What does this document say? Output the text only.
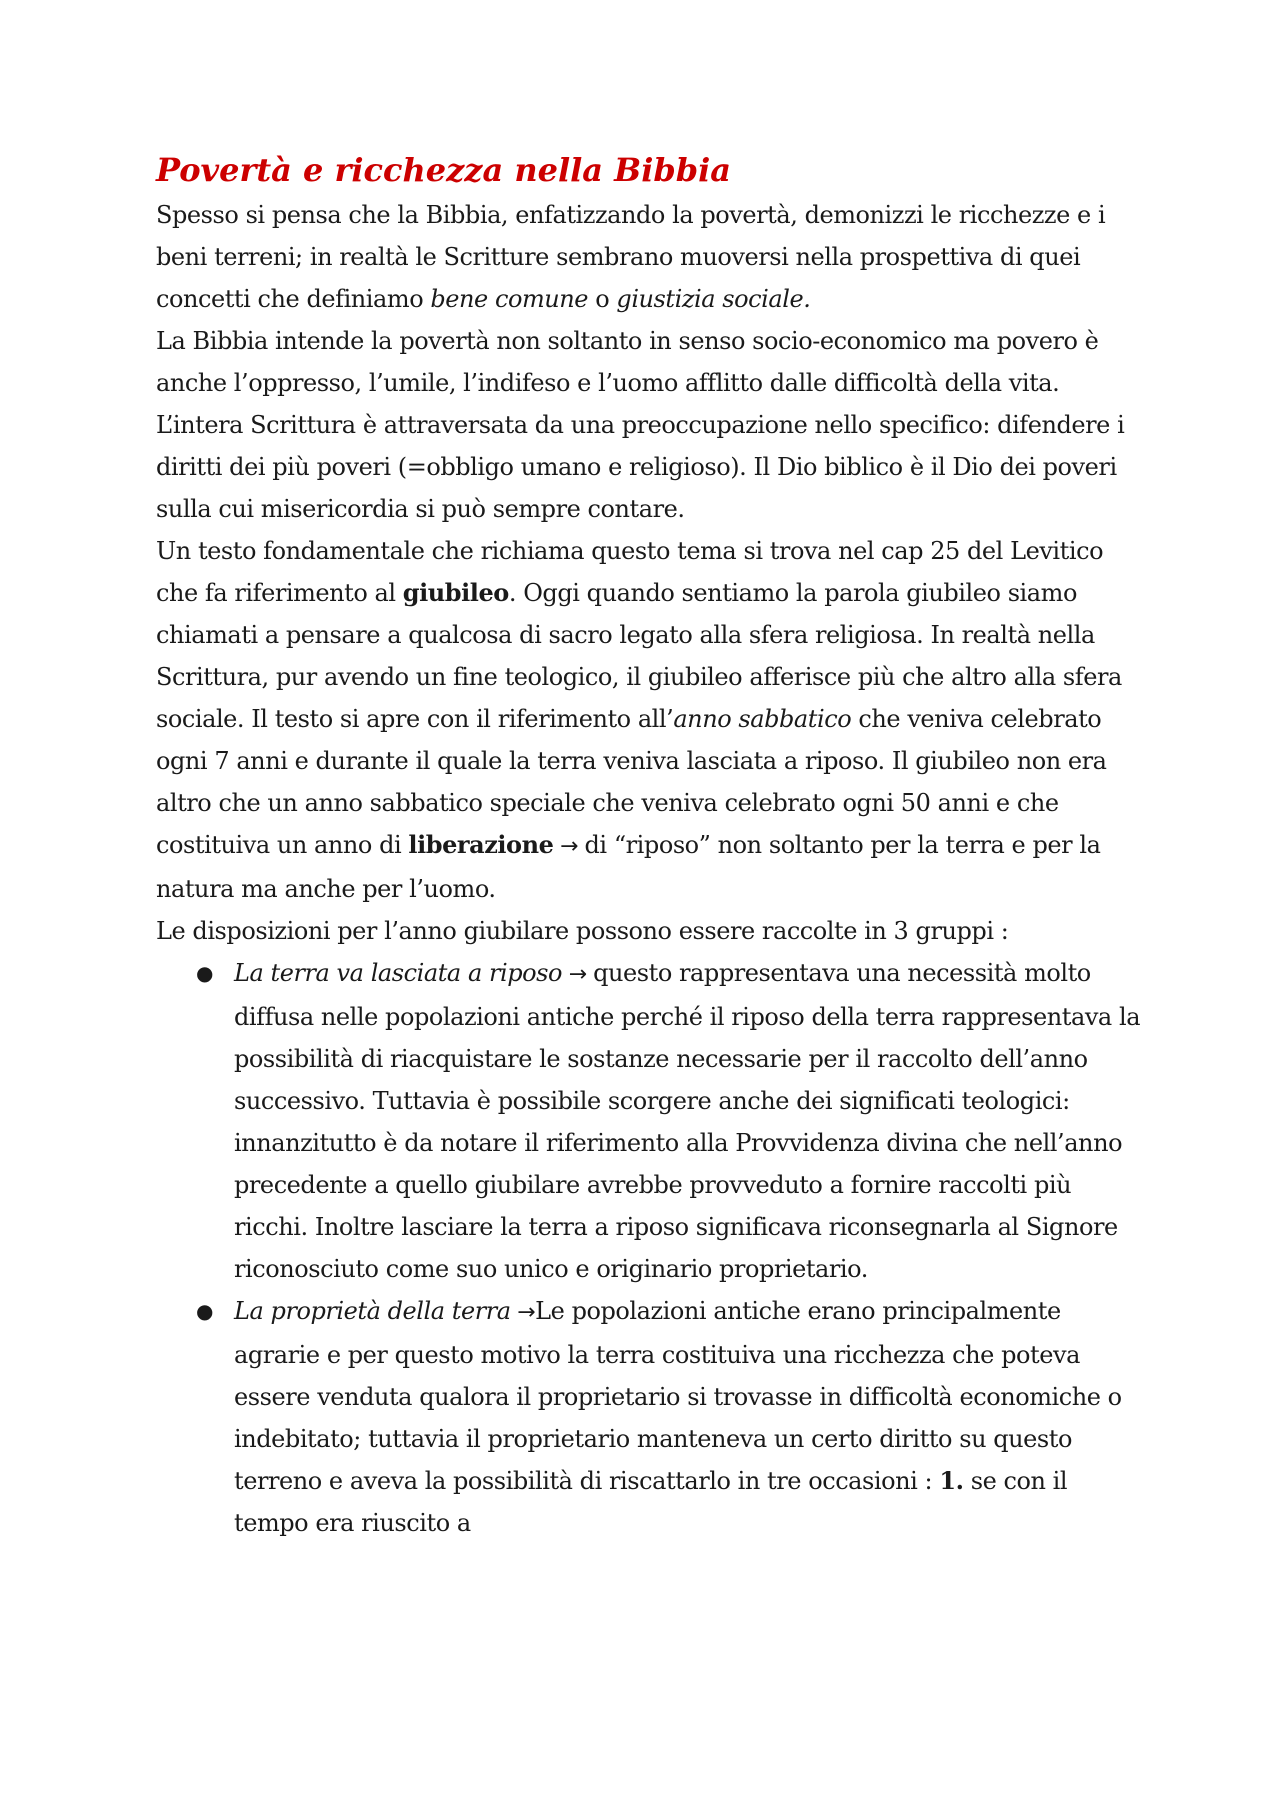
Povertà e ricchezza nella Bibbia

Spesso si pensa che la Bibbia, enfatizzando la povertà, demonizzi le ricchezze e i beni terreni; in realtà le Scritture sembrano muoversi nella prospettiva di quei concetti che definiamo bene comune o giustizia sociale.

La Bibbia intende la povertà non soltanto in senso socio-economico ma povero è anche l’oppresso, l’umile, l’indifeso e l’uomo afflitto dalle difficoltà della vita. L’intera Scrittura è attraversata da una preoccupazione nello specifico: difendere i diritti dei più poveri (=obbligo umano e religioso). Il Dio biblico è il Dio dei poveri sulla cui misericordia si può sempre contare.

Un testo fondamentale che richiama questo tema si trova nel cap 25 del Levitico che fa riferimento al giubileo. Oggi quando sentiamo la parola giubileo siamo chiamati a pensare a qualcosa di sacro legato alla sfera religiosa. In realtà nella Scrittura, pur avendo un fine teologico, il giubileo afferisce più che altro alla sfera sociale. Il testo si apre con il riferimento all’anno sabbatico che veniva celebrato ogni 7 anni e durante il quale la terra veniva lasciata a riposo. Il giubileo non era altro che un anno sabbatico speciale che veniva celebrato ogni 50 anni e che costituiva un anno di liberazione → di “riposo” non soltanto per la terra e per la natura ma anche per l’uomo.

Le disposizioni per l’anno giubilare possono essere raccolte in 3 gruppi :

● La terra va lasciata a riposo → questo rappresentava una necessità molto diffusa nelle popolazioni antiche perché il riposo della terra rappresentava la possibilità di riacquistare le sostanze necessarie per il raccolto dell’anno successivo. Tuttavia è possibile scorgere anche dei significati teologici: innanzitutto è da notare il riferimento alla Provvidenza divina che nell’anno precedente a quello giubilare avrebbe provveduto a fornire raccolti più ricchi. Inoltre lasciare la terra a riposo significava riconsegnarla al Signore riconosciuto come suo unico e originario proprietario.
● La proprietà della terra →Le popolazioni antiche erano principalmente agrarie e per questo motivo la terra costituiva una ricchezza che poteva essere venduta qualora il proprietario si trovasse in difficoltà economiche o indebitato; tuttavia il proprietario manteneva un certo diritto su questo terreno e aveva la possibilità di riscattarlo in tre occasioni : 1. se con il tempo era riuscito a
